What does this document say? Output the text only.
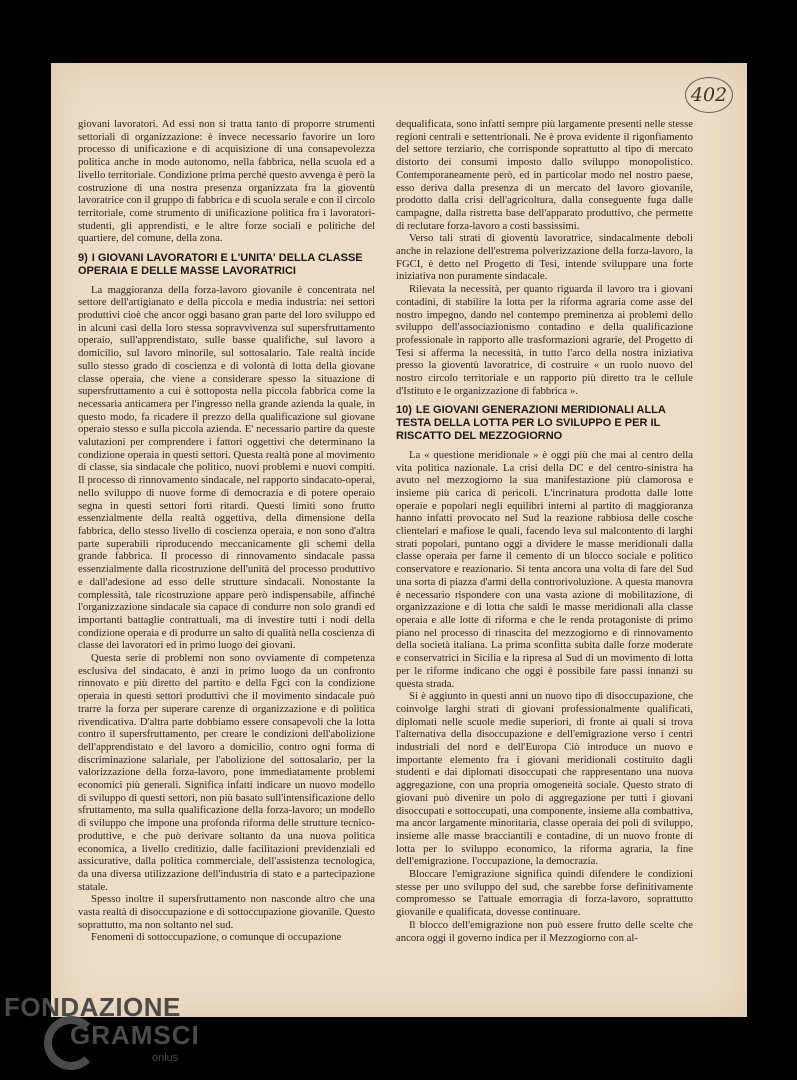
402

giovani lavoratori. Ad essi non si tratta tanto di proporre strumenti settoriali di organizzazione: è invece necessario favorire un loro processo di unificazione e di acquisizione di una consapevolezza politica anche in modo autonomo, nella fabbrica, nella scuola ed a livello territoriale. Condizione prima perché questo avvenga è però la costruzione di una nostra presenza organizzata fra la gioventù lavoratrice con il gruppo di fabbrica e di scuola serale e con il circolo territoriale, come strumento di unificazione politica fra i lavoratori-studenti, gli apprendisti, e le altre forze sociali e politiche del quartiere, del comune, della zona.

9) I GIOVANI LAVORATORI E L'UNITA' DELLA CLASSE OPERAIA E DELLE MASSE LAVORATRICI

La maggioranza della forza-lavoro giovanile è concentrata nel settore dell'artigianato e della piccola e media industria: nei settori produttivi cioè che ancor oggi basano gran parte del loro sviluppo ed in alcuni casi della loro stessa sopravvivenza sul supersfruttamento operaio, sull'apprendistato, sulle basse qualifiche, sul lavoro a domicilio, sul lavoro minorile, sul sottosalario. Tale realtà incide sullo stesso grado di coscienza e di volontà di lotta della giovane classe operaia, che viene a considerare spesso la situazione di supersfruttamento a cui è sottoposta nella piccola fabbrica come la necessaria anticamera per l'ingresso nella grande azienda la quale, in questo modo, fa ricadere il prezzo della qualificazione sul giovane operaio stesso e sulla piccola azienda. E' necessario partire da queste valutazioni per comprendere i fattori oggettivi che determinano la condizione operaia in questi settori. Questa realtà pone al movimento di classe, sia sindacale che politico, nuovi problemi e nuovi compiti. Il processo di rinnovamento sindacale, nel rapporto sindacato-operai, nello sviluppo di nuove forme di democrazia e di potere operaio segna in questi settori forti ritardi. Questi limiti sono frutto essenzialmente della realtà oggettiva, della dimensione della fabbrica, dello stesso livello di coscienza operaia, e non sono d'altra parte superabili riproducendo meccanicamente gli schemi della grande fabbrica. Il processo di rinnovamento sindacale passa essenzialmente dalla ricostruzione dell'unità del processo produttivo e dall'adesione ad esso delle strutture sindacali. Nonostante la complessità, tale ricostruzione appare però indispensabile, affinché l'organizzazione sindacale sia capace di condurre non solo grandi ed importanti battaglie contrattuali, ma di investire tutti i nodi della condizione operaia e di produrre un salto di qualità nella coscienza di classe dei lavoratori ed in primo luogo dei giovani.

Questa serie di problemi non sono ovviamente di competenza esclusiva del sindacato, è anzi in primo luogo da un confronto rinnovato e più diretto del partito e della Fgci con la condizione operaia in questi settori produttivi che il movimento sindacale può trarre la forza per superare carenze di organizzazione e di politica rivendicativa. D'altra parte dobbiamo essere consapevoli che la lotta contro il supersfruttamento, per creare le condizioni dell'abolizione dell'apprendistato e del lavoro a domicilio, contro ogni forma di discriminazione salariale, per l'abolizione del sottosalario, per la valorizzazione della forza-lavoro, pone immediatamente problemi economici più generali. Significa infatti indicare un nuovo modello di sviluppo di questi settori, non più basato sull'intensificazione dello sfruttamento, ma sulla qualificazione della forza-lavoro; un modello di sviluppo che impone una profonda riforma delle strutture tecnico-produttive, e che può derivare soltanto da una nuova politica economica, a livello creditizio, dalle facilitazioni previdenziali ed assicurative, dalla politica commerciale, dell'assistenza tecnologica, da una diversa utilizzazione dell'industria di stato e a partecipazione statale.

Spesso inoltre il supersfruttamento non nasconde altro che una vasta realtà di disoccupazione e di sottoccupazione giovanile. Questo soprattutto, ma non soltanto nel sud.

Fenomeni di sottoccupazione, o comunque di occupazione

dequalificata, sono infatti sempre più largamente presenti nelle stesse regioni centrali e settentrionali. Ne è prova evidente il rigonfiamento del settore terziario, che corrisponde soprattutto al tipo di mercato distorto dei consumi imposto dallo sviluppo monopolistico. Contemporaneamente però, ed in particolar modo nel nostro paese, esso deriva dalla presenza di un mercato del lavoro giovanile, prodotto dalla crisi dell'agricoltura, dalla conseguente fuga dalle campagne, dalla ristretta base dell'apparato produttivo, che permette di reclutare forza-lavoro a costi bassissimi.

Verso tali strati di gioventù lavoratrice, sindacalmente deboli anche in relazione dell'estrema polverizzazione della forza-lavoro, la FGCI, è detto nel Progetto di Tesi, intende sviluppare una forte iniziativa non puramente sindacale.

Rilevata la necessità, per quanto riguarda il lavoro tra i giovani contadini, di stabilire la lotta per la riforma agraria come asse del nostro impegno, dando nel contempo preminenza ai problemi dello sviluppo dell'associazionismo contadino e della qualificazione professionale in rapporto alle trasformazioni agrarie, del Progetto di Tesi si afferma la necessità, in tutto l'arco della nostra iniziativa presso la gioventù lavoratrice, di costruire « un ruolo nuovo del nostro circolo territoriale e un rapporto più diretto tra le cellule d'Istituto e le organizzazione di fabbrica ».

10) LE GIOVANI GENERAZIONI MERIDIONALI ALLA TESTA DELLA LOTTA PER LO SVILUPPO E PER IL RISCATTO DEL MEZZOGIORNO

La « questione meridionale » è oggi più che mai al centro della vita politica nazionale. La crisi della DC e del centro-sinistra ha avuto nel mezzogiorno la sua manifestazione più clamorosa e insieme più carica di pericoli. L'incrinatura prodotta dalle lotte operaie e popolari negli equilibri interni al partito di maggioranza hanno infatti provocato nel Sud la reazione rabbiosa delle cosche clientelari e mafiose le quali, facendo leva sul malcontento di larghi strati popolari, puntano oggi a dividere le masse meridionali dalla classe operaia per farne il cemento di un blocco sociale e politico conservatore e reazionario. Si tenta ancora una volta di fare del Sud una sorta di piazza d'armi della controrivoluzione. A questa manovra è necessario rispondere con una vasta azione di mobilitazione, di organizzazione e di lotta che saldi le masse meridionali alla classe operaia e alle lotte di riforma e che le renda protagoniste di primo piano nel processo di rinascita del mezzogiorno e di rinnovamento della società italiana. La prima sconfitta subita dalle forze moderate e conservatrici in Sicilia e la ripresa al Sud di un movimento di lotta per le riforme indicano che oggi è possibile fare passi innanzi su questa strada.

Si è aggiunto in questi anni un nuovo tipo di disoccupazione, che coinvolge larghi strati di giovani professionalmente qualificati, diplomati nelle scuole medie superiori, di fronte ai quali si trova l'alternativa della disoccupazione e dell'emigrazione verso i centri industriali del nord e dell'Europa Ciò introduce un nuovo e importante elemento fra i giovani meridionali costituito dagli studenti e dai diplomati disoccupati che rappresentano una nuova aggregazione, con una propria omogeneità sociale. Questo strato di giovani può divenire un polo di aggregazione per tutti i giovani disoccupati e sottoccupati, una componente, insieme alla combattiva, ma ancor largamente minoritaria, classe operaia dei poli di sviluppo, insieme alle masse bracciantili e contadine, di un nuovo fronte di lotta per lo sviluppo economico, la riforma agraria, la fine dell'emigrazione. l'occupazione, la democrazia.

Bloccare l'emigrazione significa quindi difendere le condizioni stesse per uno sviluppo del sud, che sarebbe forse definitivamente compromesso se l'attuale emorragia di forza-lavoro, soprattutto giovanile e qualificata, dovesse continuare.

Il blocco dell'emigrazione non può essere frutto delle scelte che ancora oggi il governo indica per il Mezzogiorno con al-

FONDAZIONE
GRAMSCI
onlus
